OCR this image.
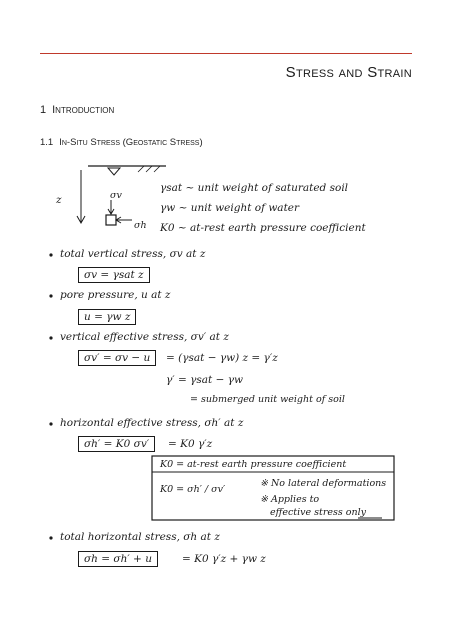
Stress and Strain
1 Introduction
1.1 In-Situ Stress (Geostatic Stress)
z	σv
σh
γsat ~ unit weight of saturated soil
γw ~ unit weight of water
K0 ~ at-rest earth pressure coefficient
total vertical stress, σv at z
σv = γsat z
pore pressure, u at z
u = γw z
vertical effective stress, σv′ at z
σv′ = σv − u	= (γsat − γw) z = γ′z
γ′ = γsat − γw
= submerged unit weight of soil
horizontal effective stress, σh′ at z
σh′ = K0 σv′	= K0 γ′z
K0 = at-rest earth pressure coefficient
K0 = σh′ / σv′
※ No lateral deformations
※ Applies to
effective stress only
total horizontal stress, σh at z
σh = σh′ + u	= K0 γ′z + γw z
